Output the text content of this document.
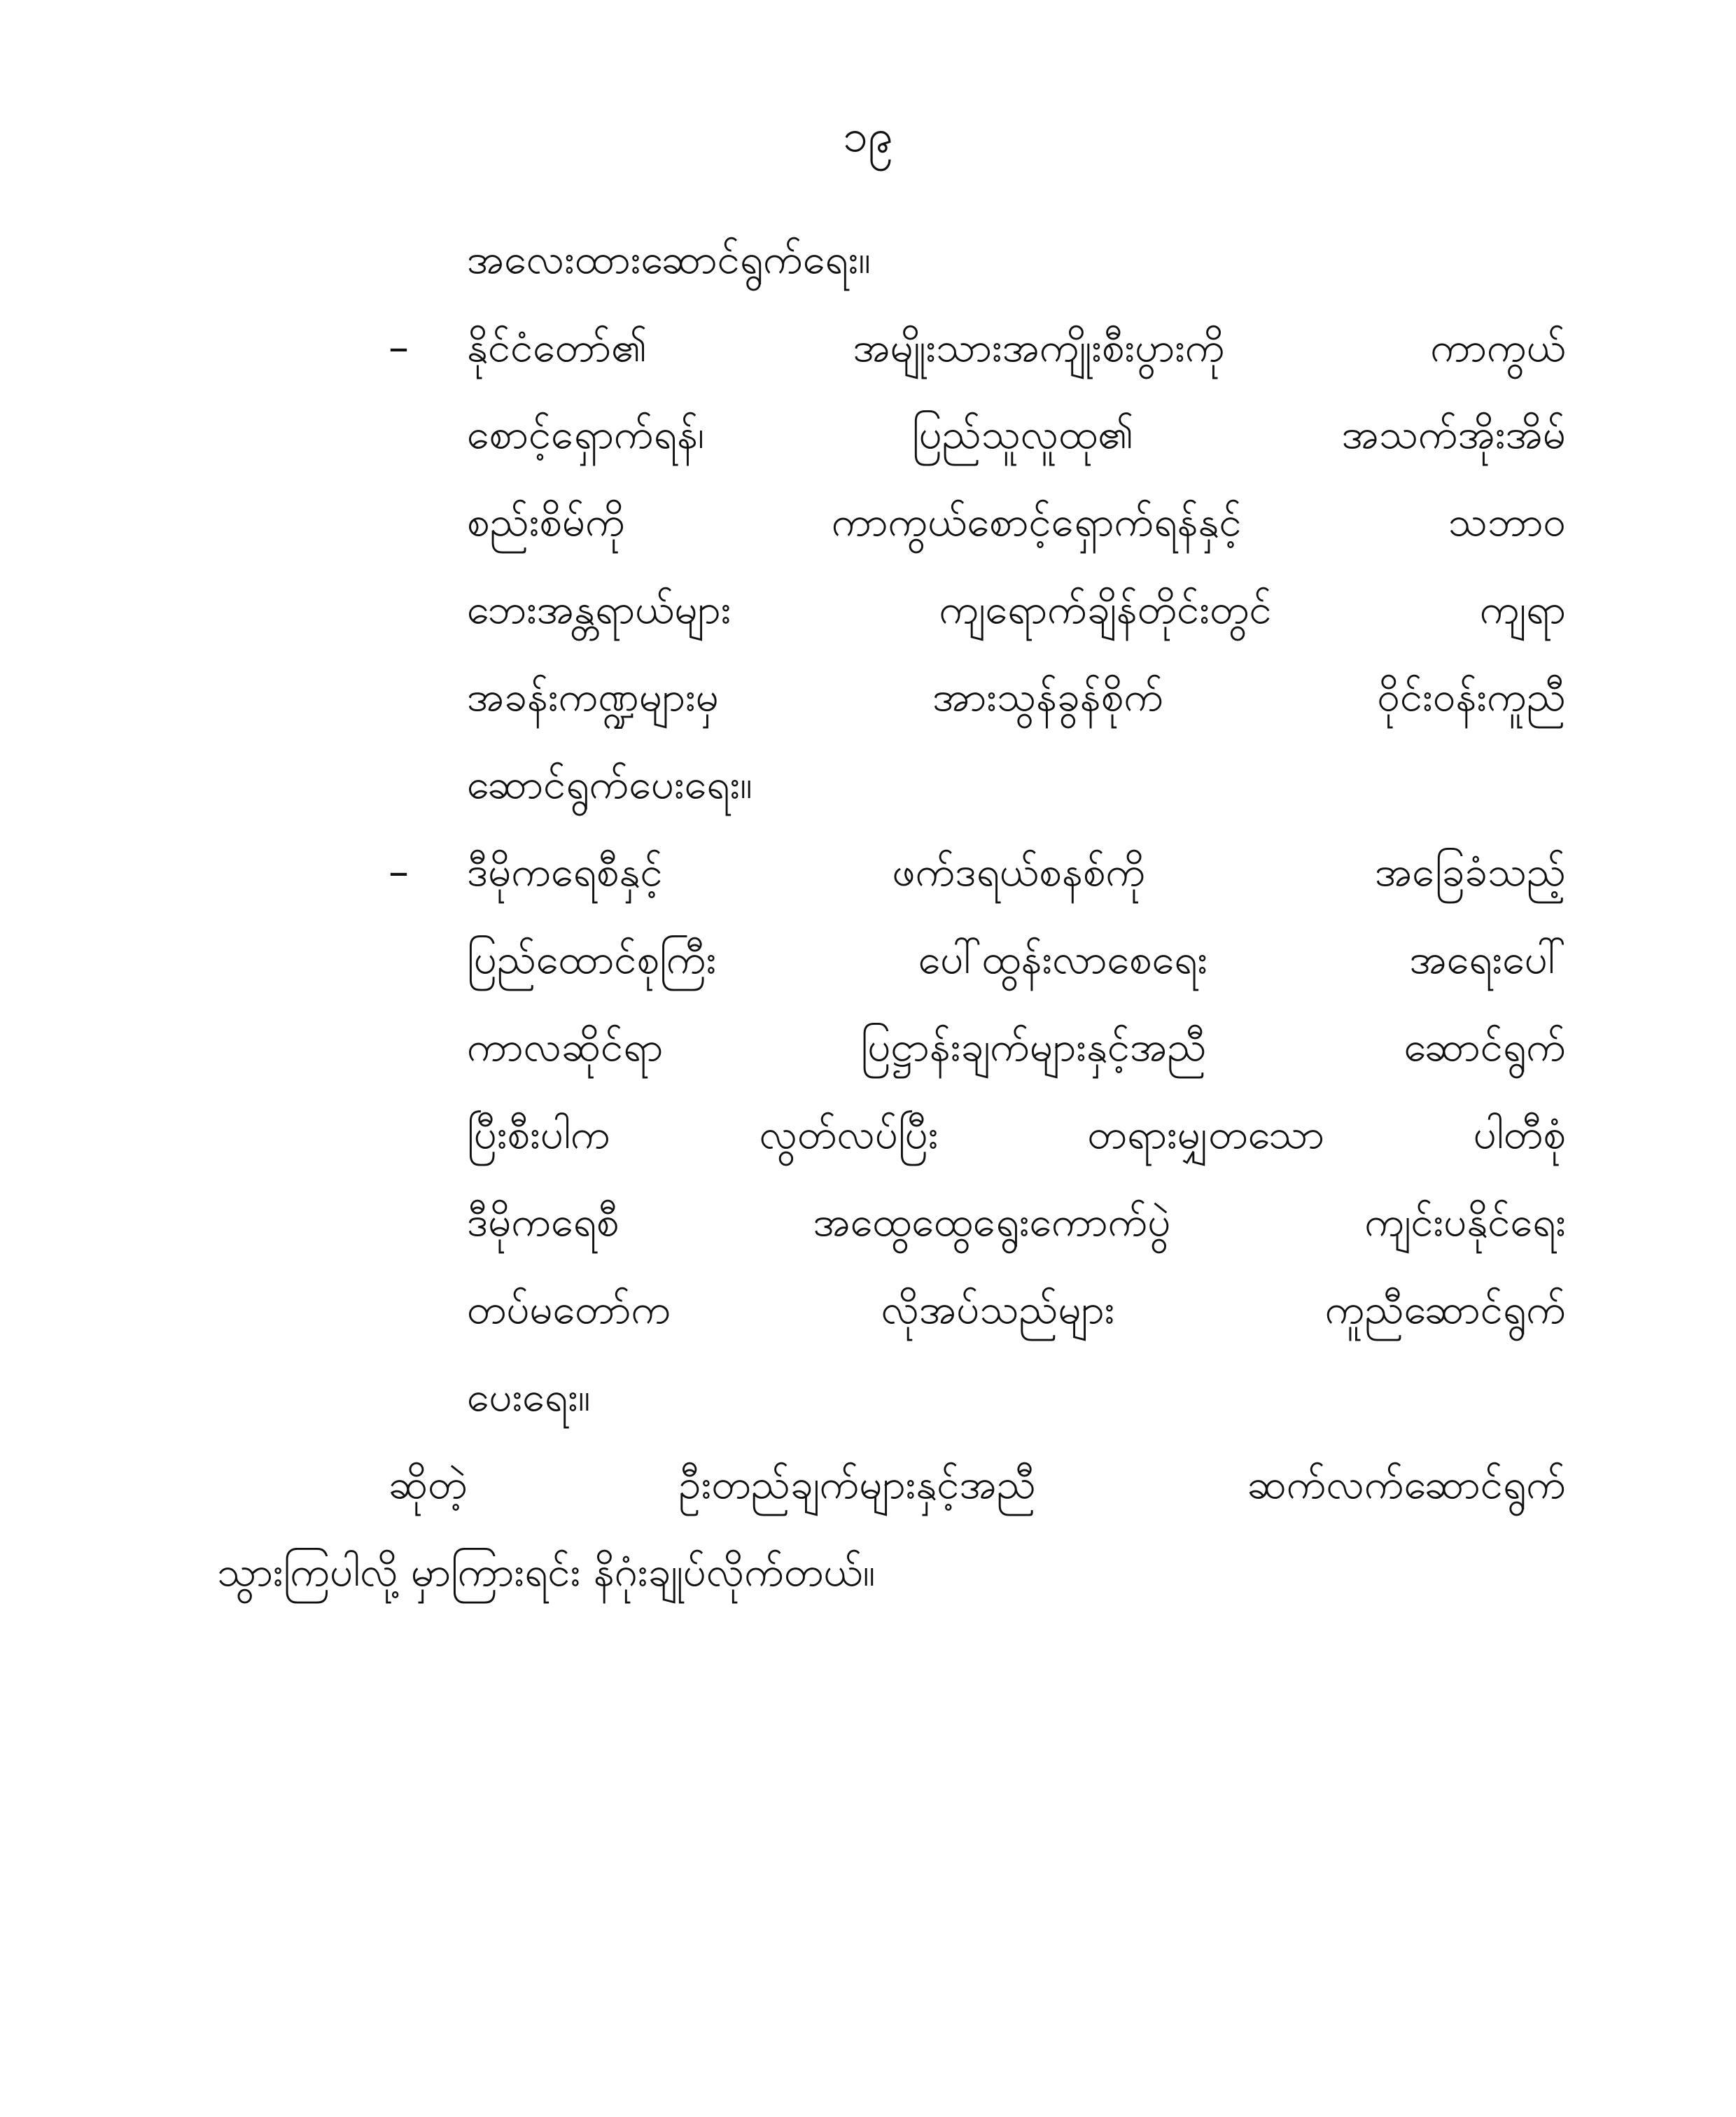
၁၉
အလေးထားဆောင်ရွက်ရေး။
– နိုင်ငံတော်၏ အမျိုးသားအကျိုးစီးပွားကို ကာကွယ်
စောင့်ရှောက်ရန်၊ ပြည်သူလူထု၏ အသက်အိုးအိမ်
စည်းစိမ်ကို ကာကွယ်စောင့်ရှောက်ရန်နှင့် သဘာဝ
ဘေးအန္တရာယ်များ ကျရောက်ချိန်တိုင်းတွင် ကျရာ
အခန်းကဏ္ဍများမှ အားသွန်ခွန်စိုက် ဝိုင်းဝန်းကူညီ
ဆောင်ရွက်ပေးရေး။
– ဒီမိုကရေစီနှင့် ဖက်ဒရယ်စနစ်ကို အခြေခံသည့်
ပြည်ထောင်စုကြီး ပေါ်ထွန်းလာစေရေး အရေးပေါ်
ကာလဆိုင်ရာ ပြဋ္ဌာန်းချက်များနှင့်အညီ ဆောင်ရွက်
ပြီးစီးပါက လွတ်လပ်ပြီး တရားမျှတသော ပါတီစုံ
ဒီမိုကရေစီ အထွေထွေရွေးကောက်ပွဲ ကျင်းပနိုင်ရေး
တပ်မတော်က လိုအပ်သည်များ ကူညီဆောင်ရွက်
ပေးရေး။
ဆိုတဲ့ ဦးတည်ချက်များနှင့်အညီ ဆက်လက်ဆောင်ရွက်
သွားကြပါလို့ မှာကြားရင်း နိဂုံးချုပ်လိုက်တယ်။
